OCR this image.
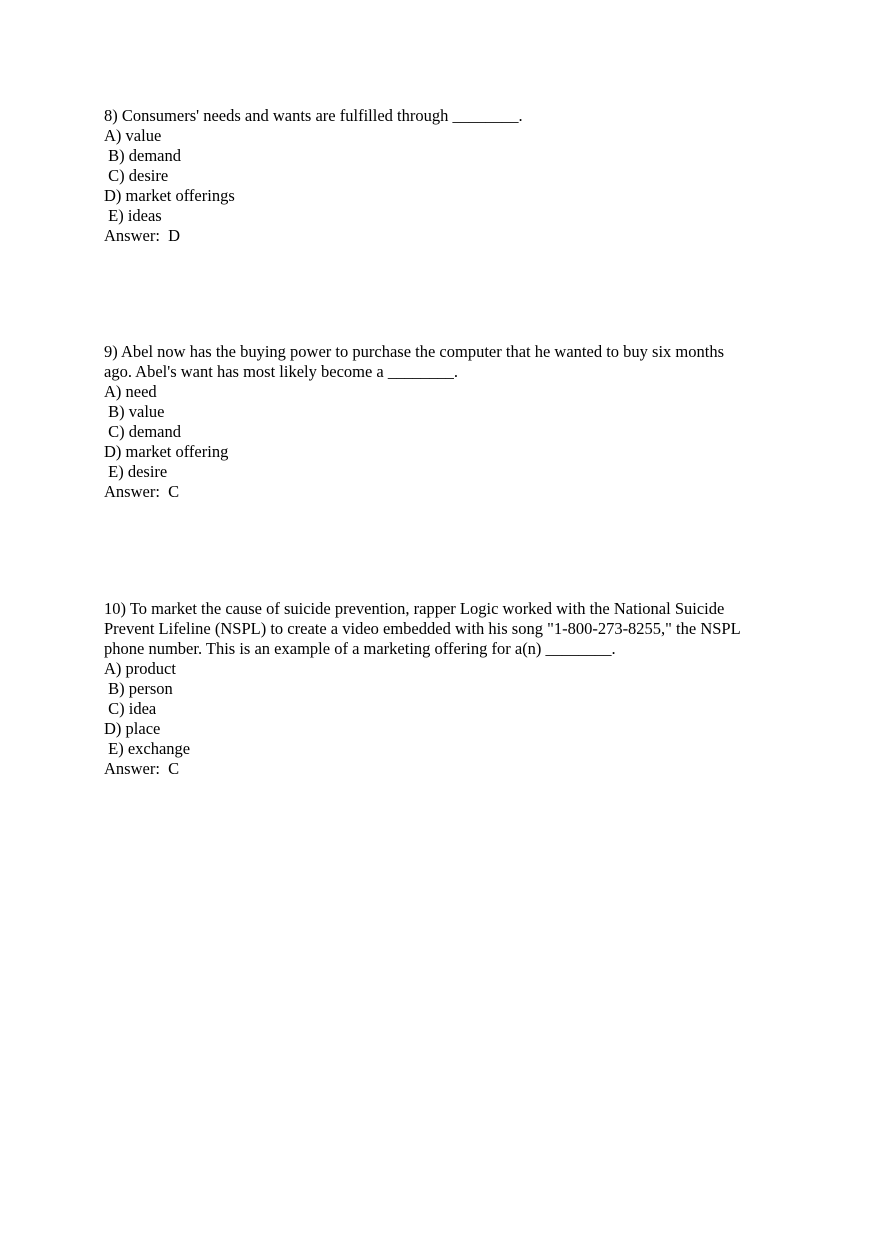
8) Consumers' needs and wants are fulfilled through ________.
A) value
B) demand
C) desire
D) market offerings
E) ideas
Answer:  D
9) Abel now has the buying power to purchase the computer that he wanted to buy six months
ago. Abel's want has most likely become a ________.
A) need
B) value
C) demand
D) market offering
E) desire
Answer:  C
10) To market the cause of suicide prevention, rapper Logic worked with the National Suicide
Prevent Lifeline (NSPL) to create a video embedded with his song "1-800-273-8255," the NSPL
phone number. This is an example of a marketing offering for a(n) ________.
A) product
B) person
C) idea
D) place
E) exchange
Answer:  C
